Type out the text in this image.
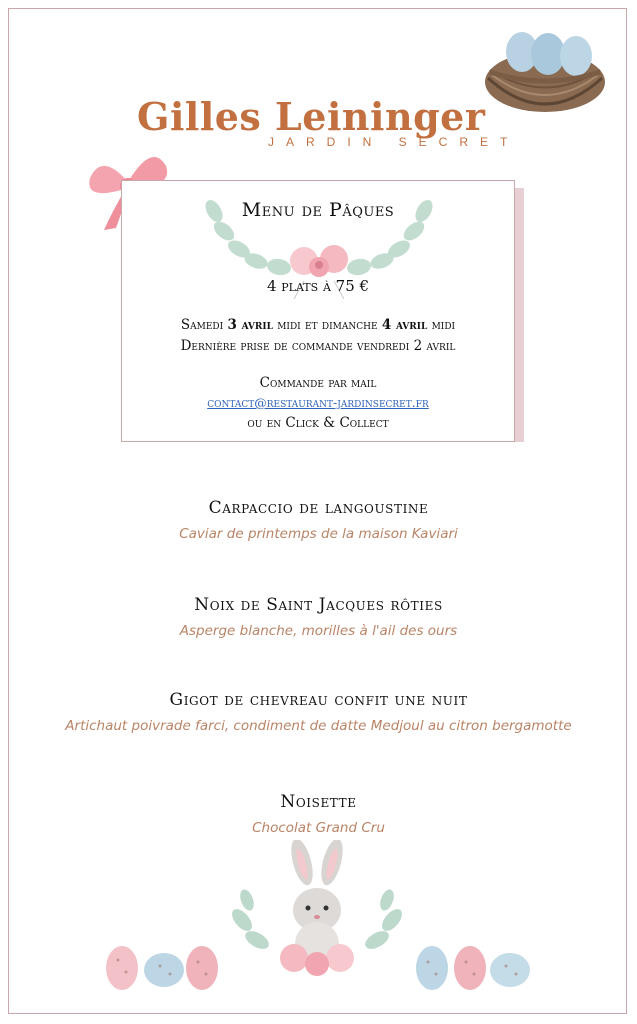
Gilles Leininger
JARDIN SECRET
Menu de Pâques
4 plats à 75 €
Samedi 3 avril midi et dimanche 4 avril midi
Dernière prise de commande vendredi 2 avril
Commande par mail
contact@restaurant-jardinsecret.fr
ou en Click & Collect
Carpaccio de langoustine
Caviar de printemps de la maison Kaviari
Noix de Saint Jacques rôties
Asperge blanche, morilles à l'ail des ours
Gigot de chevreau confit une nuit
Artichaut poivrade farci, condiment de datte Medjoul au citron bergamotte
Noisette
Chocolat Grand Cru
